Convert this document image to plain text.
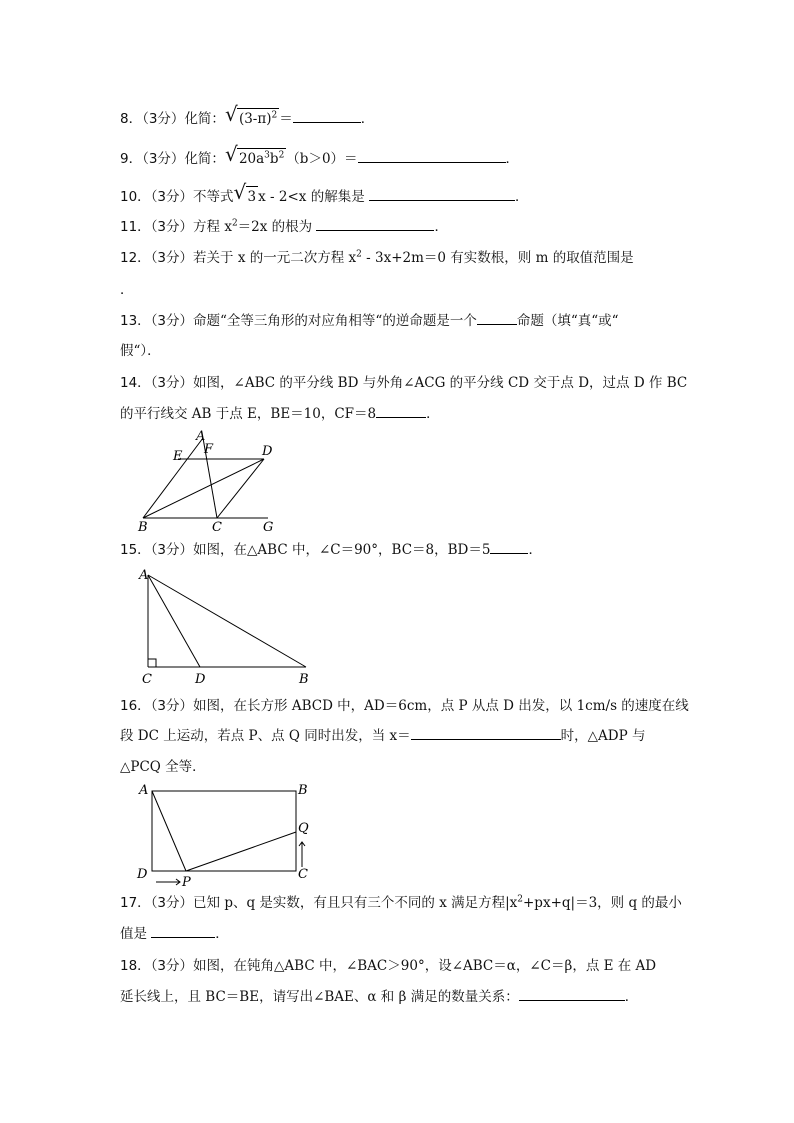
8．（3分）化简： √ $(3-\pi)^2$ ＝	．
9．（3分）化简： √ $20a^3b^2$ （b＞0）＝	．
10．（3分）不等式 √ 3 x - 2<x 的解集是	．
11．（3分）方程 $x^2=2x$ 的根为	．
12．（3分）若关于 x 的一元二次方程 $x^2 - 3x+2m=0$ 有实数根，则 m 的取值范围是
．
13．（3分）命题“全等三角形的对应角相等“的逆命题是一个	命题（填“真“或“
假“）．
14．（3分）如图，∠ABC 的平分线 BD 与外角∠ACG 的平分线 CD 交于点 D，过点 D 作 BC
的平行线交 AB 于点 E，BE＝10，CF＝8	．
A
F
E	D
B	C	G
15．（3分）如图，在△ABC 中，∠C＝90°，BC＝8，BD＝5	．
A
C	D	B
16．（3分）如图，在长方形 ABCD 中，AD＝6cm，点 P 从点 D 出发，以 1cm/s 的速度在线
段 DC 上运动，若点 P、点 Q 同时出发，当 x＝	时，△ADP 与
△PCQ 全等．
A	B
Q
D
P
C
17．（3分）已知 p、q 是实数，有且只有三个不同的 x 满足方程$|x^2+px+q|=3$，则 q 的最小
值是	．
18．（3分）如图，在钝角△ABC 中，∠BAC＞90°，设∠ABC＝α，∠C＝β，点 E 在 AD
延长线上，且 BC＝BE，请写出∠BAE、α 和 β 满足的数量关系：	．
